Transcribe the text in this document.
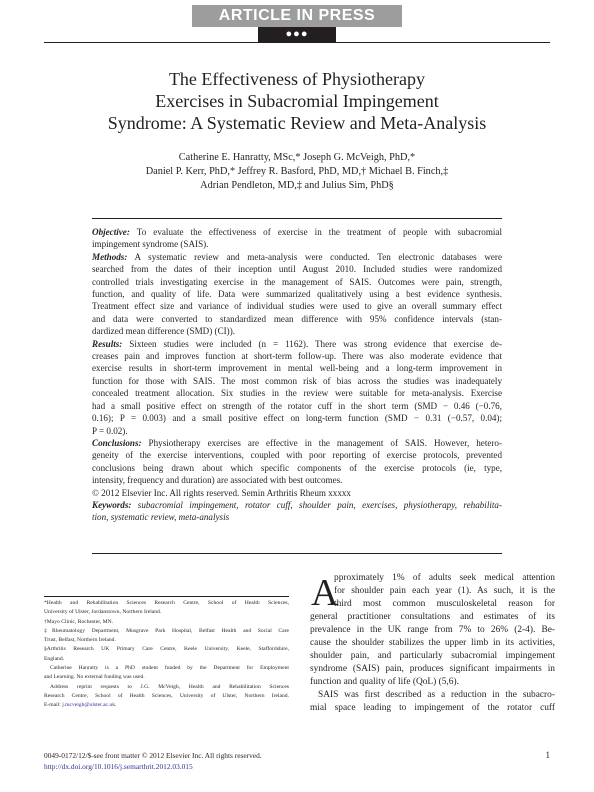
ARTICLE IN PRESS
●●●
The Effectiveness of Physiotherapy
Exercises in Subacromial Impingement
Syndrome: A Systematic Review and Meta-Analysis
Catherine E. Hanratty, MSc,* Joseph G. McVeigh, PhD,*
Daniel P. Kerr, PhD,* Jeffrey R. Basford, PhD, MD,† Michael B. Finch,‡
Adrian Pendleton, MD,‡ and Julius Sim, PhD§
Objective: To evaluate the effectiveness of exercise in the treatment of people with subacromial
impingement syndrome (SAIS).
Methods: A systematic review and meta-analysis were conducted. Ten electronic databases were
searched from the dates of their inception until August 2010. Included studies were randomized
controlled trials investigating exercise in the management of SAIS. Outcomes were pain, strength,
function, and quality of life. Data were summarized qualitatively using a best evidence synthesis.
Treatment effect size and variance of individual studies were used to give an overall summary effect
and data were converted to standardized mean difference with 95% confidence intervals (stan-
dardized mean difference (SMD) (CI)).
Results: Sixteen studies were included (n = 1162). There was strong evidence that exercise de-
creases pain and improves function at short-term follow-up. There was also moderate evidence that
exercise results in short-term improvement in mental well-being and a long-term improvement in
function for those with SAIS. The most common risk of bias across the studies was inadequately
concealed treatment allocation. Six studies in the review were suitable for meta-analysis. Exercise
had a small positive effect on strength of the rotator cuff in the short term (SMD − 0.46 (−0.76,
0.16); P = 0.003) and a small positive effect on long-term function (SMD − 0.31 (−0.57, 0.04);
P = 0.02).
Conclusions: Physiotherapy exercises are effective in the management of SAIS. However, hetero-
geneity of the exercise interventions, coupled with poor reporting of exercise protocols, prevented
conclusions being drawn about which specific components of the exercise protocols (ie, type,
intensity, frequency and duration) are associated with best outcomes.
© 2012 Elsevier Inc. All rights reserved. Semin Arthritis Rheum xxxxx
Keywords: subacromial impingement, rotator cuff, shoulder pain, exercises, physiotherapy, rehabilita-
tion, systematic review, meta-analysis
*Health and Rehabilitation Sciences Research Centre, School of Health Sciences,
University of Ulster, Jordanstown, Northern Ireland.
†Mayo Clinic, Rochester, MN.
‡Rheumatology Department, Musgrave Park Hospital, Belfast Health and Social Care
Trust, Belfast, Northern Ireland.
§Arthritis Research UK Primary Care Centre, Keele University, Keele, Staffordshire,
England.
Catherine Hanratty is a PhD student funded by the Department for Employment
and Learning. No external funding was used.
Address reprint requests to J.G. McVeigh, Health and Rehabilitation Sciences
Research Centre, School of Health Sciences, University of Ulster, Northern Ireland.
E-mail: j.mcveigh@ulster.ac.uk.
A
pproximately 1% of adults seek medical attention
for shoulder pain each year (1). As such, it is the
third most common musculoskeletal reason for
general practitioner consultations and estimates of its
prevalence in the UK range from 7% to 26% (2-4). Be-
cause the shoulder stabilizes the upper limb in its activities,
shoulder pain, and particularly subacromial impingement
syndrome (SAIS) pain, produces significant impairments in
function and quality of life (QoL) (5,6).
SAIS was first described as a reduction in the subacro-
mial space leading to impingement of the rotator cuff
0049-0172/12/$-see front matter © 2012 Elsevier Inc. All rights reserved.
http://dx.doi.org/10.1016/j.semarthrit.2012.03.015
1
